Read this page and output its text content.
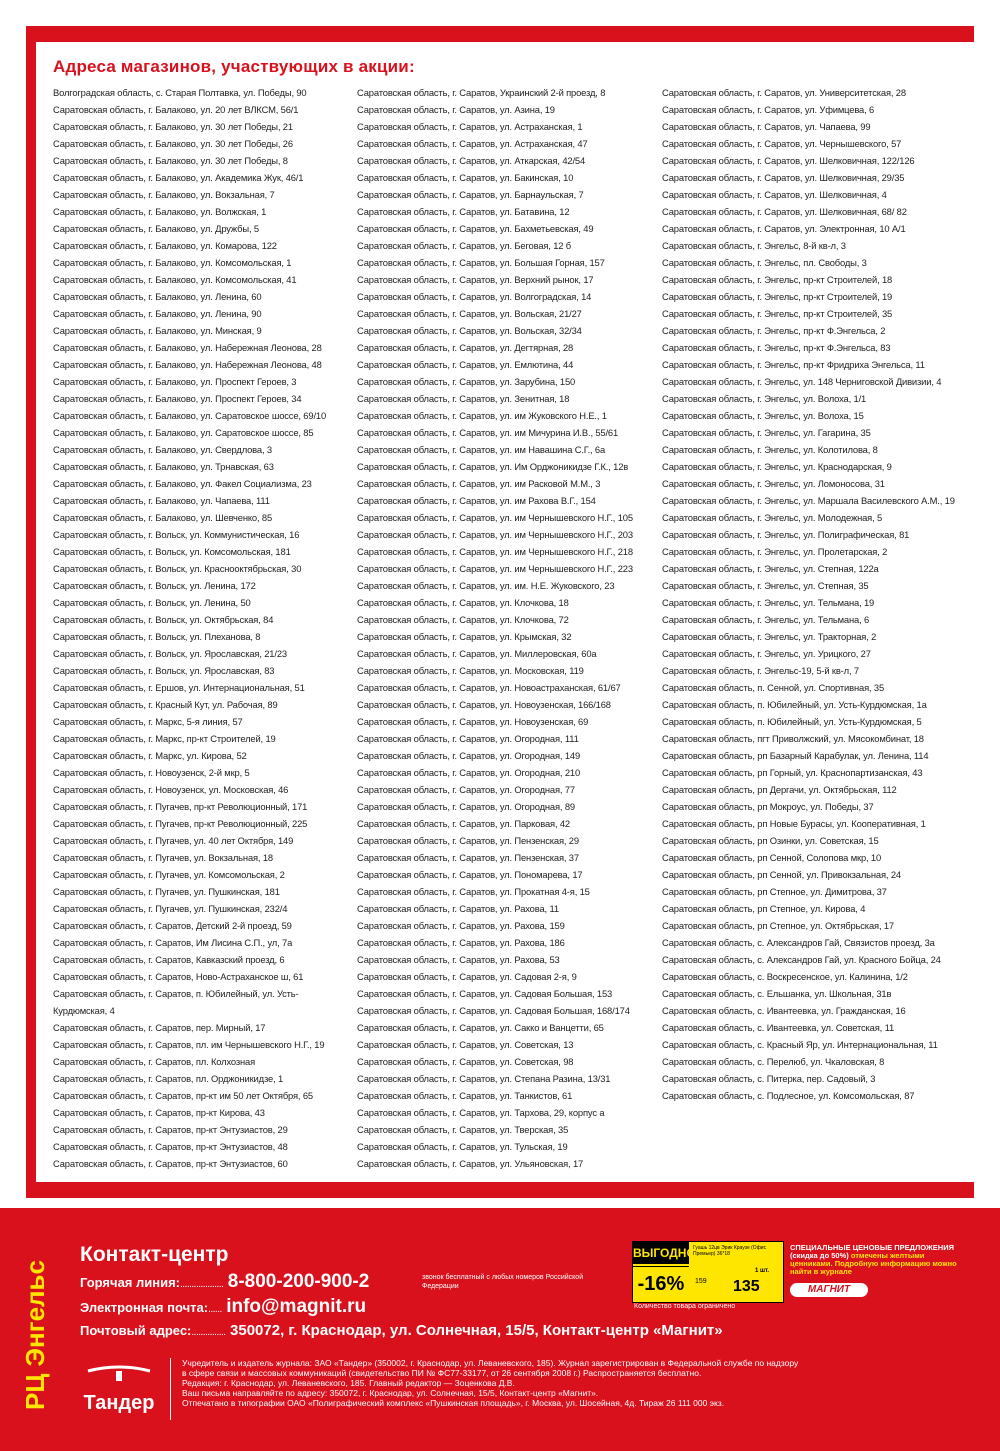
Адреса магазинов, участвующих в акции:
Волгоградская область, с. Старая Полтавка, ул. Победы, 90
Саратовская область, г. Балаково, ул. 20 лет ВЛКСМ, 56/1
Саратовская область, г. Балаково, ул. 30 лет Победы, 21
Саратовская область, г. Балаково, ул. 30 лет Победы, 26
Саратовская область, г. Балаково, ул. 30 лет Победы, 8
Саратовская область, г. Балаково, ул. Академика Жук, 46/1
Саратовская область, г. Балаково, ул. Вокзальная, 7
Саратовская область, г. Балаково, ул. Волжская, 1
Саратовская область, г. Балаково, ул. Дружбы, 5
Саратовская область, г. Балаково, ул. Комарова, 122
Саратовская область, г. Балаково, ул. Комсомольская, 1
Саратовская область, г. Балаково, ул. Комсомольская, 41
Саратовская область, г. Балаково, ул. Ленина, 60
Саратовская область, г. Балаково, ул. Ленина, 90
Саратовская область, г. Балаково, ул. Минская, 9
Саратовская область, г. Балаково, ул. Набережная Леонова, 28
Саратовская область, г. Балаково, ул. Набережная Леонова, 48
Саратовская область, г. Балаково, ул. Проспект Героев, 3
Саратовская область, г. Балаково, ул. Проспект Героев, 34
Саратовская область, г. Балаково, ул. Саратовское шоссе, 69/10
Саратовская область, г. Балаково, ул. Саратовское шоссе, 85
Саратовская область, г. Балаково, ул. Свердлова, 3
Саратовская область, г. Балаково, ул. Трнавская, 63
Саратовская область, г. Балаково, ул. Факел Социализма, 23
Саратовская область, г. Балаково, ул. Чапаева, 111
Саратовская область, г. Балаково, ул. Шевченко, 85
Саратовская область, г. Вольск, ул. Коммунистическая, 16
Саратовская область, г. Вольск, ул. Комсомольская, 181
Саратовская область, г. Вольск, ул. Краснооктябрьская, 30
Саратовская область, г. Вольск, ул. Ленина, 172
Саратовская область, г. Вольск, ул. Ленина, 50
Саратовская область, г. Вольск, ул. Октябрьская, 84
Саратовская область, г. Вольск, ул. Плеханова, 8
Саратовская область, г. Вольск, ул. Ярославская, 21/23
Саратовская область, г. Вольск, ул. Ярославская, 83
Саратовская область, г. Ершов, ул. Интернациональная, 51
Саратовская область, г. Красный Кут, ул. Рабочая, 89
Саратовская область, г. Маркс, 5-я линия, 57
Саратовская область, г. Маркс, пр-кт Строителей, 19
Саратовская область, г. Маркс, ул. Кирова, 52
Саратовская область, г. Новоузенск, 2-й мкр, 5
Саратовская область, г. Новоузенск, ул. Московская, 46
Саратовская область, г. Пугачев, пр-кт Революционный, 171
Саратовская область, г. Пугачев, пр-кт Революционный, 225
Саратовская область, г. Пугачев, ул. 40 лет Октября, 149
Саратовская область, г. Пугачев, ул. Вокзальная, 18
Саратовская область, г. Пугачев, ул. Комсомольская, 2
Саратовская область, г. Пугачев, ул. Пушкинская, 181
Саратовская область, г. Пугачев, ул. Пушкинская, 232/4
Саратовская область, г. Саратов, Детский 2-й проезд, 59
Саратовская область, г. Саратов, Им Лисина С.П., ул, 7а
Саратовская область, г. Саратов, Кавказский проезд, 6
Саратовская область, г. Саратов, Ново-Астраханское ш, 61
Саратовская область, г. Саратов, п. Юбилейный, ул. Усть-
Курдюмская, 4
Саратовская область, г. Саратов, пер. Мирный, 17
Саратовская область, г. Саратов, пл. им Чернышевского Н.Г., 19
Саратовская область, г. Саратов, пл. Колхозная
Саратовская область, г. Саратов, пл. Орджоникидзе, 1
Саратовская область, г. Саратов, пр-кт им 50 лет Октября, 65
Саратовская область, г. Саратов, пр-кт Кирова, 43
Саратовская область, г. Саратов, пр-кт Энтузиастов, 29
Саратовская область, г. Саратов, пр-кт Энтузиастов, 48
Саратовская область, г. Саратов, пр-кт Энтузиастов, 60
Саратовская область, г. Саратов, Украинский 2-й проезд, 8
Саратовская область, г. Саратов, ул. Азина, 19
Саратовская область, г. Саратов, ул. Астраханская, 1
Саратовская область, г. Саратов, ул. Астраханская, 47
Саратовская область, г. Саратов, ул. Аткарская, 42/54
Саратовская область, г. Саратов, ул. Бакинская, 10
Саратовская область, г. Саратов, ул. Барнаульская, 7
Саратовская область, г. Саратов, ул. Батавина, 12
Саратовская область, г. Саратов, ул. Бахметьевская, 49
Саратовская область, г. Саратов, ул. Беговая, 12 б
Саратовская область, г. Саратов, ул. Большая Горная, 157
Саратовская область, г. Саратов, ул. Верхний рынок, 17
Саратовская область, г. Саратов, ул. Волгоградская, 14
Саратовская область, г. Саратов, ул. Вольская, 21/27
Саратовская область, г. Саратов, ул. Вольская, 32/34
Саратовская область, г. Саратов, ул. Дегтярная, 28
Саратовская область, г. Саратов, ул. Емлютина, 44
Саратовская область, г. Саратов, ул. Зарубина, 150
Саратовская область, г. Саратов, ул. Зенитная, 18
Саратовская область, г. Саратов, ул. им Жуковского Н.Е., 1
Саратовская область, г. Саратов, ул. им Мичурина И.В., 55/61
Саратовская область, г. Саратов, ул. им Навашина С.Г., 6а
Саратовская область, г. Саратов, ул. Им Орджоникидзе Г.К., 12в
Саратовская область, г. Саратов, ул. им Расковой М.М., 3
Саратовская область, г. Саратов, ул. им Рахова В.Г., 154
Саратовская область, г. Саратов, ул. им Чернышевского Н.Г., 105
Саратовская область, г. Саратов, ул. им Чернышевского Н.Г., 203
Саратовская область, г. Саратов, ул. им Чернышевского Н.Г., 218
Саратовская область, г. Саратов, ул. им Чернышевского Н.Г., 223
Саратовская область, г. Саратов, ул. им. Н.Е. Жуковского, 23
Саратовская область, г. Саратов, ул. Клочкова, 18
Саратовская область, г. Саратов, ул. Клочкова, 72
Саратовская область, г. Саратов, ул. Крымская, 32
Саратовская область, г. Саратов, ул. Миллеровская, 60а
Саратовская область, г. Саратов, ул. Московская, 119
Саратовская область, г. Саратов, ул. Новоастраханская, 61/67
Саратовская область, г. Саратов, ул. Новоузенская, 166/168
Саратовская область, г. Саратов, ул. Новоузенская, 69
Саратовская область, г. Саратов, ул. Огородная, 111
Саратовская область, г. Саратов, ул. Огородная, 149
Саратовская область, г. Саратов, ул. Огородная, 210
Саратовская область, г. Саратов, ул. Огородная, 77
Саратовская область, г. Саратов, ул. Огородная, 89
Саратовская область, г. Саратов, ул. Парковая, 42
Саратовская область, г. Саратов, ул. Пензенская, 29
Саратовская область, г. Саратов, ул. Пензенская, 37
Саратовская область, г. Саратов, ул. Пономарева, 17
Саратовская область, г. Саратов, ул. Прокатная 4-я, 15
Саратовская область, г. Саратов, ул. Рахова, 11
Саратовская область, г. Саратов, ул. Рахова, 159
Саратовская область, г. Саратов, ул. Рахова, 186
Саратовская область, г. Саратов, ул. Рахова, 53
Саратовская область, г. Саратов, ул. Садовая 2-я, 9
Саратовская область, г. Саратов, ул. Садовая Большая, 153
Саратовская область, г. Саратов, ул. Садовая Большая, 168/174
Саратовская область, г. Саратов, ул. Сакко и Ванцетти, 65
Саратовская область, г. Саратов, ул. Советская, 13
Саратовская область, г. Саратов, ул. Советская, 98
Саратовская область, г. Саратов, ул. Степана Разина, 13/31
Саратовская область, г. Саратов, ул. Танкистов, 61
Саратовская область, г. Саратов, ул. Тархова, 29, корпус а
Саратовская область, г. Саратов, ул. Тверская, 35
Саратовская область, г. Саратов, ул. Тульская, 19
Саратовская область, г. Саратов, ул. Ульяновская, 17
Саратовская область, г. Саратов, ул. Университетская, 28
Саратовская область, г. Саратов, ул. Уфимцева, 6
Саратовская область, г. Саратов, ул. Чапаева, 99
Саратовская область, г. Саратов, ул. Чернышевского, 57
Саратовская область, г. Саратов, ул. Шелковичная, 122/126
Саратовская область, г. Саратов, ул. Шелковичная, 29/35
Саратовская область, г. Саратов, ул. Шелковичная, 4
Саратовская область, г. Саратов, ул. Шелковичная, 68/ 82
Саратовская область, г. Саратов, ул. Электронная, 10 А/1
Саратовская область, г. Энгельс, 8-й кв-л, 3
Саратовская область, г. Энгельс, пл. Свободы, 3
Саратовская область, г. Энгельс, пр-кт Строителей, 18
Саратовская область, г. Энгельс, пр-кт Строителей, 19
Саратовская область, г. Энгельс, пр-кт Строителей, 35
Саратовская область, г. Энгельс, пр-кт Ф.Энгельса, 2
Саратовская область, г. Энгельс, пр-кт Ф.Энгельса, 83
Саратовская область, г. Энгельс, пр-кт Фридриха Энгельса, 11
Саратовская область, г. Энгельс, ул. 148 Черниговской Дивизии, 4
Саратовская область, г. Энгельс, ул. Волоха, 1/1
Саратовская область, г. Энгельс, ул. Волоха, 15
Саратовская область, г. Энгельс, ул. Гагарина, 35
Саратовская область, г. Энгельс, ул. Колотилова, 8
Саратовская область, г. Энгельс, ул. Краснодарская, 9
Саратовская область, г. Энгельс, ул. Ломоносова, 31
Саратовская область, г. Энгельс, ул. Маршала Василевского А.М., 19
Саратовская область, г. Энгельс, ул. Молодежная, 5
Саратовская область, г. Энгельс, ул. Полиграфическая, 81
Саратовская область, г. Энгельс, ул. Пролетарская, 2
Саратовская область, г. Энгельс, ул. Степная, 122а
Саратовская область, г. Энгельс, ул. Степная, 35
Саратовская область, г. Энгельс, ул. Тельмана, 19
Саратовская область, г. Энгельс, ул. Тельмана, 6
Саратовская область, г. Энгельс, ул. Тракторная, 2
Саратовская область, г. Энгельс, ул. Урицкого, 27
Саратовская область, г. Энгельс-19, 5-й кв-л, 7
Саратовская область, п. Сенной, ул. Спортивная, 35
Саратовская область, п. Юбилейный, ул. Усть-Курдюмская, 1а
Саратовская область, п. Юбилейный, ул. Усть-Курдюмская, 5
Саратовская область, пгт Приволжский, ул. Мясокомбинат, 18
Саратовская область, рп Базарный Карабулак, ул. Ленина, 114
Саратовская область, рп Горный, ул. Краснопартизанская, 43
Саратовская область, рп Дергачи, ул. Октябрьская, 112
Саратовская область, рп Мокроус, ул. Победы, 37
Саратовская область, рп Новые Бурасы, ул. Кооперативная, 1
Саратовская область, рп Озинки, ул. Советская, 15
Саратовская область, рп Сенной, Солопова мкр, 10
Саратовская область, рп Сенной, ул. Привокзальная, 24
Саратовская область, рп Степное, ул. Димитрова, 37
Саратовская область, рп Степное, ул. Кирова, 4
Саратовская область, рп Степное, ул. Октябрьская, 17
Саратовская область, с. Александров Гай, Связистов проезд, 3а
Саратовская область, с. Александров Гай, ул. Красного Бойца, 24
Саратовская область, с. Воскресенское, ул. Калинина, 1/2
Саратовская область, с. Ельшанка, ул. Школьная, 31в
Саратовская область, с. Ивантеевка, ул. Гражданская, 16
Саратовская область, с. Ивантеевка, ул. Советская, 11
Саратовская область, с. Красный Яр, ул. Интернациональная, 11
Саратовская область, с. Перелюб, ул. Чкаловская, 8
Саратовская область, с. Питерка, пер. Садовый, 3
Саратовская область, с. Подлесное, ул. Комсомольская, 87
РЦ Энгельс
Контакт-центр
Горячая линия:................... 8-800-200-900-2	звонок бесплатный с любых номеров Российской Федерации
Электронная почта:...... info@magnit.ru
Почтовый адрес:............... 350072, г. Краснодар, ул. Солнечная, 15/5, Контакт-центр «Магнит»
ВЫГОДНО
-16%
Гуашь 12цв Эрик Краузе (Офис Премьер) 36*18
159 135
1 шт.
Количество товара ограничено
СПЕЦИАЛЬНЫЕ ЦЕНОВЫЕ ПРЕДЛОЖЕНИЯ
(скидка до 50%) отмечены желтыми ценниками. Подробную информацию можно найти в журнале
МАГНИТ
Тандер
Учредитель и издатель журнала: ЗАО «Тандер» (350002, г. Краснодар, ул. Леваневского, 185). Журнал зарегистрирован в Федеральной службе по надзору
в сфере связи и массовых коммуникаций (свидетельство ПИ № ФС77-33177, от 26 сентября 2008 г.) Распространяется бесплатно.
Редакция: г. Краснодар, ул. Леваневского, 185. Главный редактор — Зоценкова Д.В.
Ваш письма направляйте по адресу: 350072, г. Краснодар, ул. Солнечная, 15/5, Контакт-центр «Магнит».
Отпечатано в типографии ОАО «Полиграфический комплекс «Пушкинская площадь», г. Москва, ул. Шосейная, 4д. Тираж 26 111 000 экз.
